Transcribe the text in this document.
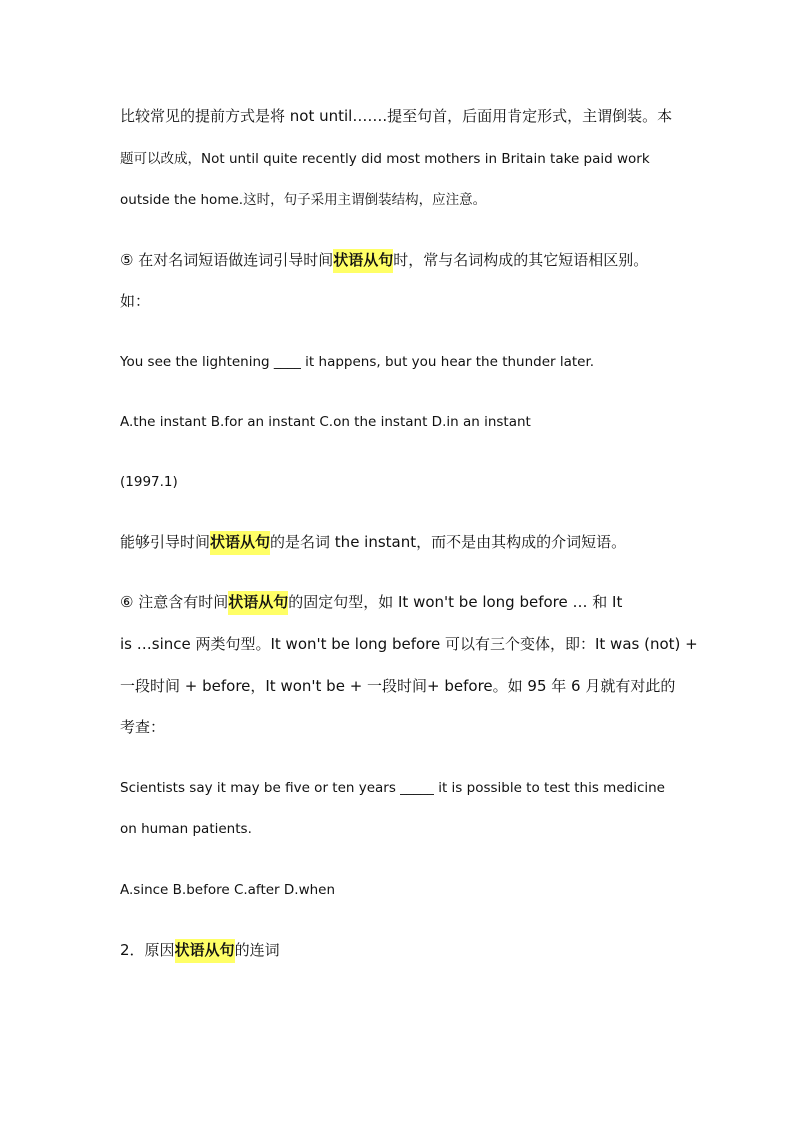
比较常见的提前方式是将 not until…….提至句首，后面用肯定形式，主谓倒装。本
题可以改成，Not until quite recently did most mothers in Britain take paid work
outside the home.这时，句子采用主谓倒装结构，应注意。
⑤ 在对名词短语做连词引导时间状语从句时，常与名词构成的其它短语相区别。
如：
You see the lightening ____ it happens, but you hear the thunder later.
A.the instant B.for an instant C.on the instant D.in an instant
(1997.1)
能够引导时间状语从句的是名词 the instant，而不是由其构成的介词短语。
⑥ 注意含有时间状语从句的固定句型，如 It won't be long before … 和 It
is …since 两类句型。It won't be long before 可以有三个变体，即：It was (not) +
一段时间 + before，It won't be + 一段时间+ before。如 95 年 6 月就有对此的
考查：
Scientists say it may be five or ten years _____ it is possible to test this medicine
on human patients.
A.since B.before C.after D.when
2．原因状语从句的连词
